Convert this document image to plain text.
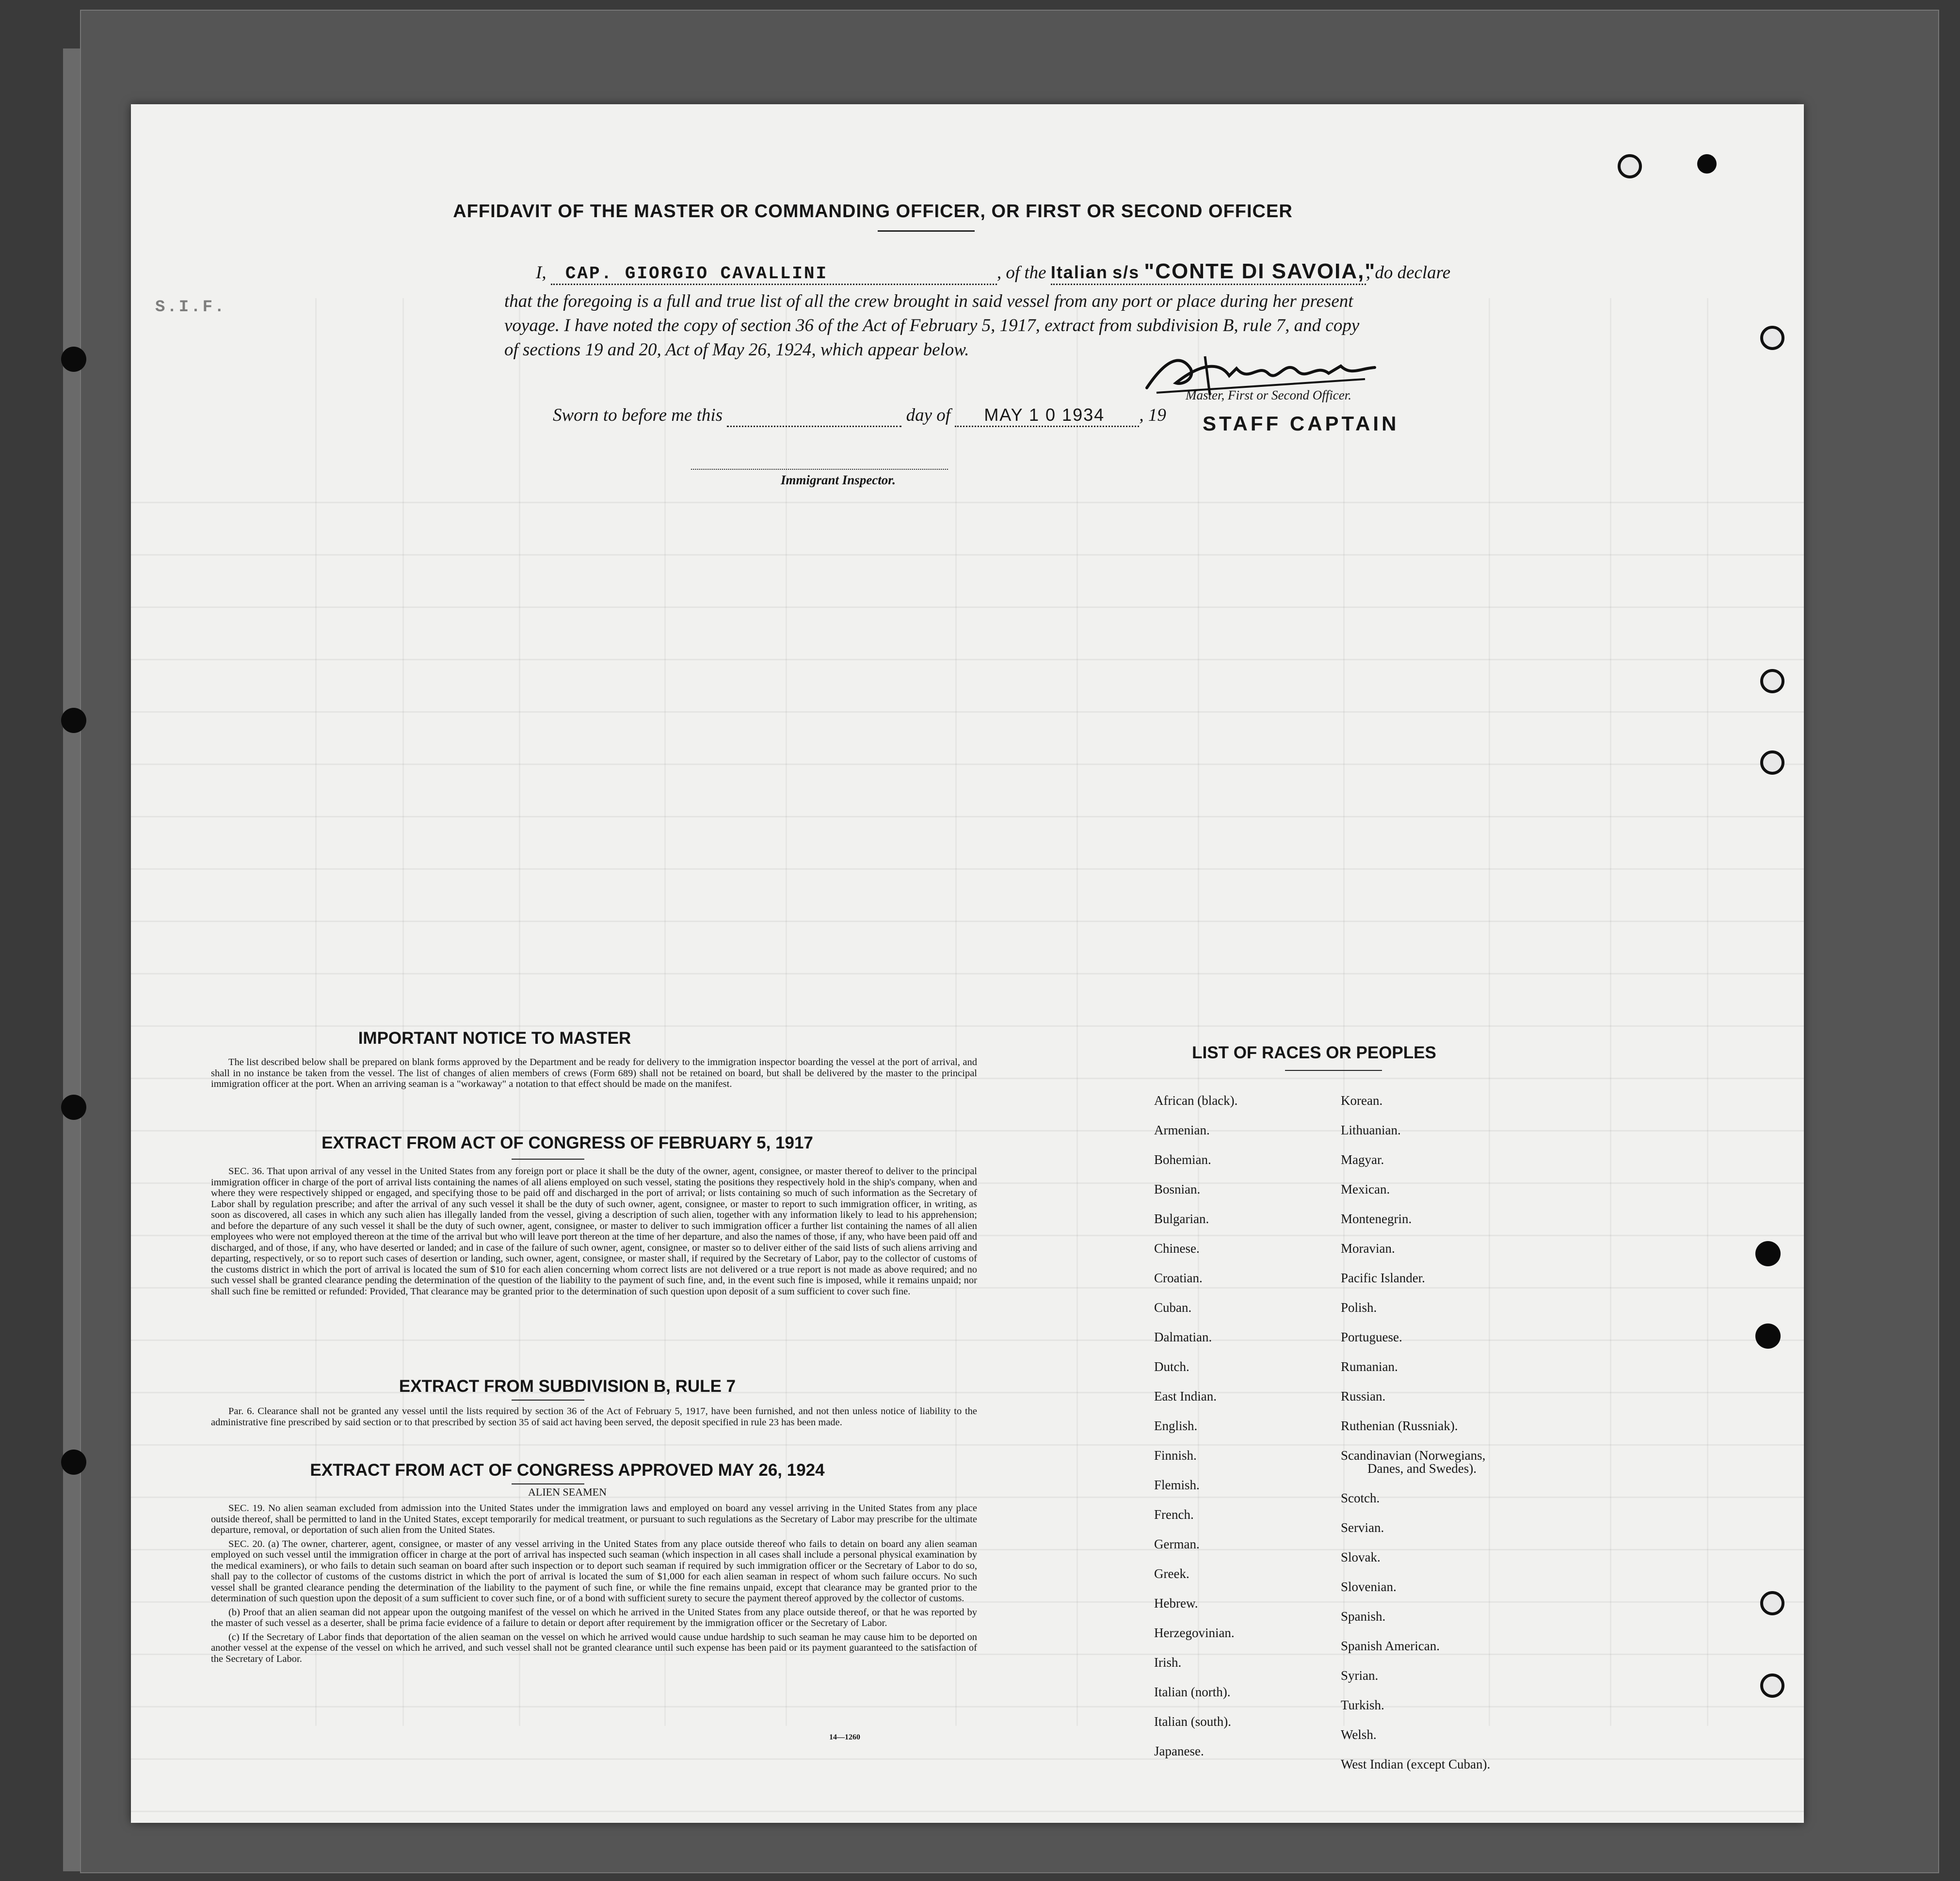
AFFIDAVIT OF THE MASTER OR COMMANDING OFFICER, OR FIRST OR SECOND OFFICER
S.I.F.
I, CAP. GIORGIO CAVALLINI	, of the Italian s/s "CONTE DI SAVOIA,", do declare
that the foregoing is a full and true list of all the crew brought in said vessel from any port or place during her present
voyage. I have noted the copy of section 36 of the Act of February 5, 1917, extract from subdivision B, rule 7, and copy
of sections 19 and 20, Act of May 26, 1924, which appear below.
Master, First or Second Officer.
Sworn to before me this	day of MAY 1 0 1934 , 19 STAFF CAPTAIN
Immigrant Inspector.
IMPORTANT NOTICE TO MASTER

The list described below shall be prepared on blank forms approved by the Department and be ready for delivery to the immigration inspector boarding the vessel at the port of arrival, and shall in no instance be taken from the vessel. The list of changes of alien members of crews (Form 689) shall not be retained on board, but shall be delivered by the master to the principal immigration officer at the port. When an arriving seaman is a "workaway" a notation to that effect should be made on the manifest.

EXTRACT FROM ACT OF CONGRESS OF FEBRUARY 5, 1917

SEC. 36. That upon arrival of any vessel in the United States from any foreign port or place it shall be the duty of the owner, agent, consignee, or master thereof to deliver to the principal immigration officer in charge of the port of arrival lists containing the names of all aliens employed on such vessel, stating the positions they respectively hold in the ship's company, when and where they were respectively shipped or engaged, and specifying those to be paid off and discharged in the port of arrival; or lists containing so much of such information as the Secretary of Labor shall by regulation prescribe; and after the arrival of any such vessel it shall be the duty of such owner, agent, consignee, or master to report to such immigration officer, in writing, as soon as discovered, all cases in which any such alien has illegally landed from the vessel, giving a description of such alien, together with any information likely to lead to his apprehension; and before the departure of any such vessel it shall be the duty of such owner, agent, consignee, or master to deliver to such immigration officer a further list containing the names of all alien employees who were not employed thereon at the time of the arrival but who will leave port thereon at the time of her departure, and also the names of those, if any, who have been paid off and discharged, and of those, if any, who have deserted or landed; and in case of the failure of such owner, agent, consignee, or master so to deliver either of the said lists of such aliens arriving and departing, respectively, or so to report such cases of desertion or landing, such owner, agent, consignee, or master shall, if required by the Secretary of Labor, pay to the collector of customs of the customs district in which the port of arrival is located the sum of $10 for each alien concerning whom correct lists are not delivered or a true report is not made as above required; and no such vessel shall be granted clearance pending the determination of the question of the liability to the payment of such fine, and, in the event such fine is imposed, while it remains unpaid; nor shall such fine be remitted or refunded: Provided, That clearance may be granted prior to the determination of such question upon deposit of a sum sufficient to cover such fine.

EXTRACT FROM SUBDIVISION B, RULE 7

Par. 6. Clearance shall not be granted any vessel until the lists required by section 36 of the Act of February 5, 1917, have been furnished, and not then unless notice of liability to the administrative fine prescribed by said section or to that prescribed by section 35 of said act having been served, the deposit specified in rule 23 has been made.

EXTRACT FROM ACT OF CONGRESS APPROVED MAY 26, 1924
ALIEN SEAMEN

SEC. 19. No alien seaman excluded from admission into the United States under the immigration laws and employed on board any vessel arriving in the United States from any place outside thereof, shall be permitted to land in the United States, except temporarily for medical treatment, or pursuant to such regulations as the Secretary of Labor may prescribe for the ultimate departure, removal, or deportation of such alien from the United States.

SEC. 20. (a) The owner, charterer, agent, consignee, or master of any vessel arriving in the United States from any place outside thereof who fails to detain on board any alien seaman employed on such vessel until the immigration officer in charge at the port of arrival has inspected such seaman (which inspection in all cases shall include a personal physical examination by the medical examiners), or who fails to detain such seaman on board after such inspection or to deport such seaman if required by such immigration officer or the Secretary of Labor to do so, shall pay to the collector of customs of the customs district in which the port of arrival is located the sum of $1,000 for each alien seaman in respect of whom such failure occurs. No such vessel shall be granted clearance pending the determination of the liability to the payment of such fine, or while the fine remains unpaid, except that clearance may be granted prior to the determination of such question upon the deposit of a sum sufficient to cover such fine, or of a bond with sufficient surety to secure the payment thereof approved by the collector of customs.

(b) Proof that an alien seaman did not appear upon the outgoing manifest of the vessel on which he arrived in the United States from any place outside thereof, or that he was reported by the master of such vessel as a deserter, shall be prima facie evidence of a failure to detain or deport after requirement by the immigration officer or the Secretary of Labor.

(c) If the Secretary of Labor finds that deportation of the alien seaman on the vessel on which he arrived would cause undue hardship to such seaman he may cause him to be deported on another vessel at the expense of the vessel on which he arrived, and such vessel shall not be granted clearance until such expense has been paid or its payment guaranteed to the satisfaction of the Secretary of Labor.

14—1260
LIST OF RACES OR PEOPLES
African (black).
Armenian.
Bohemian.
Bosnian.
Bulgarian.
Chinese.
Croatian.
Cuban.
Dalmatian.
Dutch.
East Indian.
English.
Finnish.
Flemish.
French.
German.
Greek.
Hebrew.
Herzegovinian.
Irish.
Italian (north).
Italian (south).
Japanese.
Korean.
Lithuanian.
Magyar.
Mexican.
Montenegrin.
Moravian.
Pacific Islander.
Polish.
Portuguese.
Rumanian.
Russian.
Ruthenian (Russniak).
Scandinavian (Norwegians,
Danes, and Swedes).
Scotch.
Servian.
Slovak.
Slovenian.
Spanish.
Spanish American.
Syrian.
Turkish.
Welsh.
West Indian (except Cuban).
